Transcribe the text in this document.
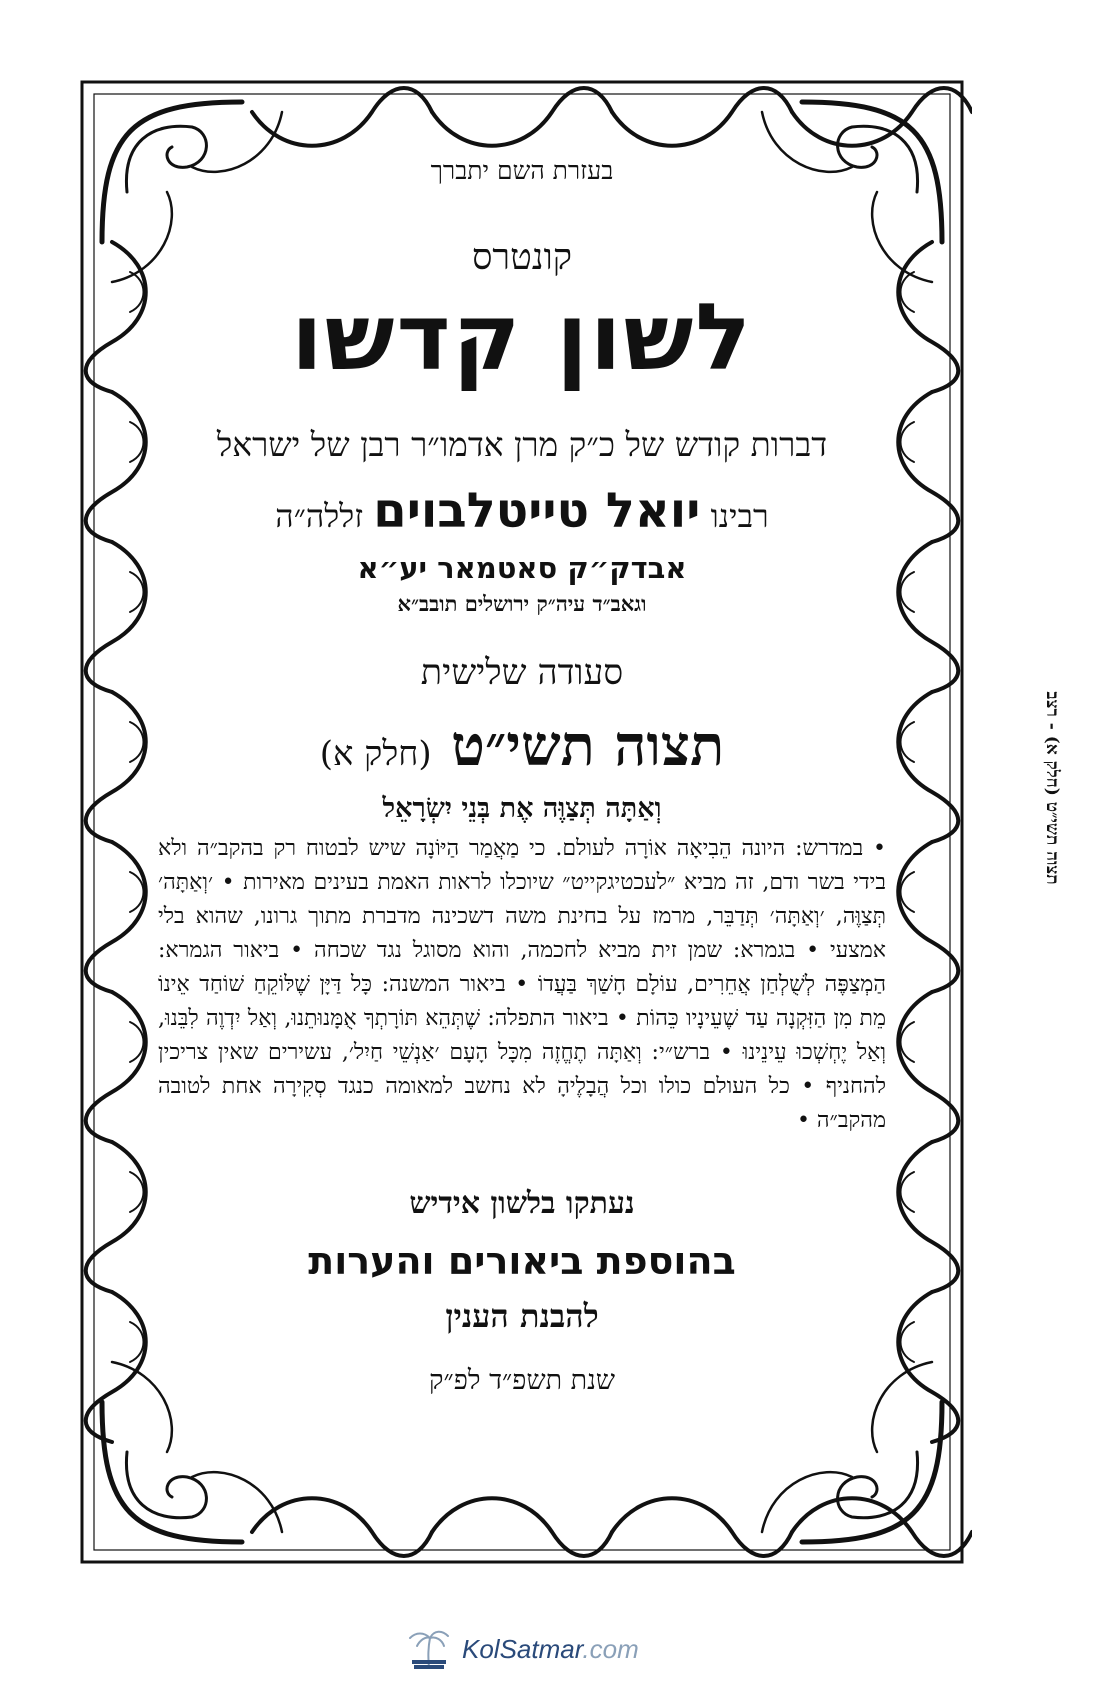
בעזרת השם יתברך
קונטרס
לשון קדשו
דברות קודש של כ״ק מרן אדמו״ר רבן של ישראל
רבינו יואל טייטלבוים זללה״ה
אבדק״ק סאטמאר יע״א
וגאב״ד עיה״ק ירושלים תובב״א
סעודה שלישית
תצוה תשי״ט (חלק א)
וְאַתָּה תְּצַוֶּה אֶת בְּנֵי יִשְׂרָאֵל
• במדרש: היונה הֵבִיאָה אוֹרָה לעולם. כי מַאֲמַר הַיּוֹנָה שיש לבטוח רק בהקב״ה ולא בידי בשר ודם, זה מביא ״לעכטיגקייט״ שיוכלו לראות האמת בעינים מאירות • ׳וְאַתָּה׳ תְּצַוֶּה, ׳וְאַתָּה׳ תְּדַבֵּר, מרמז על בחינת משה דשכינה מדברת מתוך גרונו, שהוא בלי אמצעי • בגמרא: שמן זית מביא לחכמה, והוא מסוגל נגד שכחה • ביאור הגמרא: הַמְצַפֶּה לְשֻׁלְחַן אֲחֵרִים, עוֹלָם חָשַׁךְ בַּעֲדוֹ • ביאור המשנה: כָּל דַּיָּן שֶׁלּוֹקֵחַ שׁוֹחַד אֵינוֹ מֵת מִן הַזִּקְנָה עַד שֶׁעֵינָיו כֵּהוֹת • ביאור התפלה: שֶׁתְּהֵא תּוֹרָתְךָ אֻמָּנוּתֵנוּ, וְאַל יִדְוֶה לִבֵּנוּ, וְאַל יֶחְשְׁכוּ עֵינֵינוּ • ברש״י: וְאַתָּה תֶחֱזֶה מִכָּל הָעָם ׳אַנְשֵׁי חַיִל׳, עשירים שאין צריכין להחניף • כל העולם כולו וכל הֲבָלֶיהָ לא נחשב למאומה כנגד סְקִירָה אחת לטובה מהקב״ה •
נעתקו בלשון אידיש
בהוספת ביאורים והערות
להבנת הענין
שנת תשפ״ד לפ״ק
תצוה תשי״ט (חלק א) - רצב
KolSatmar.com
